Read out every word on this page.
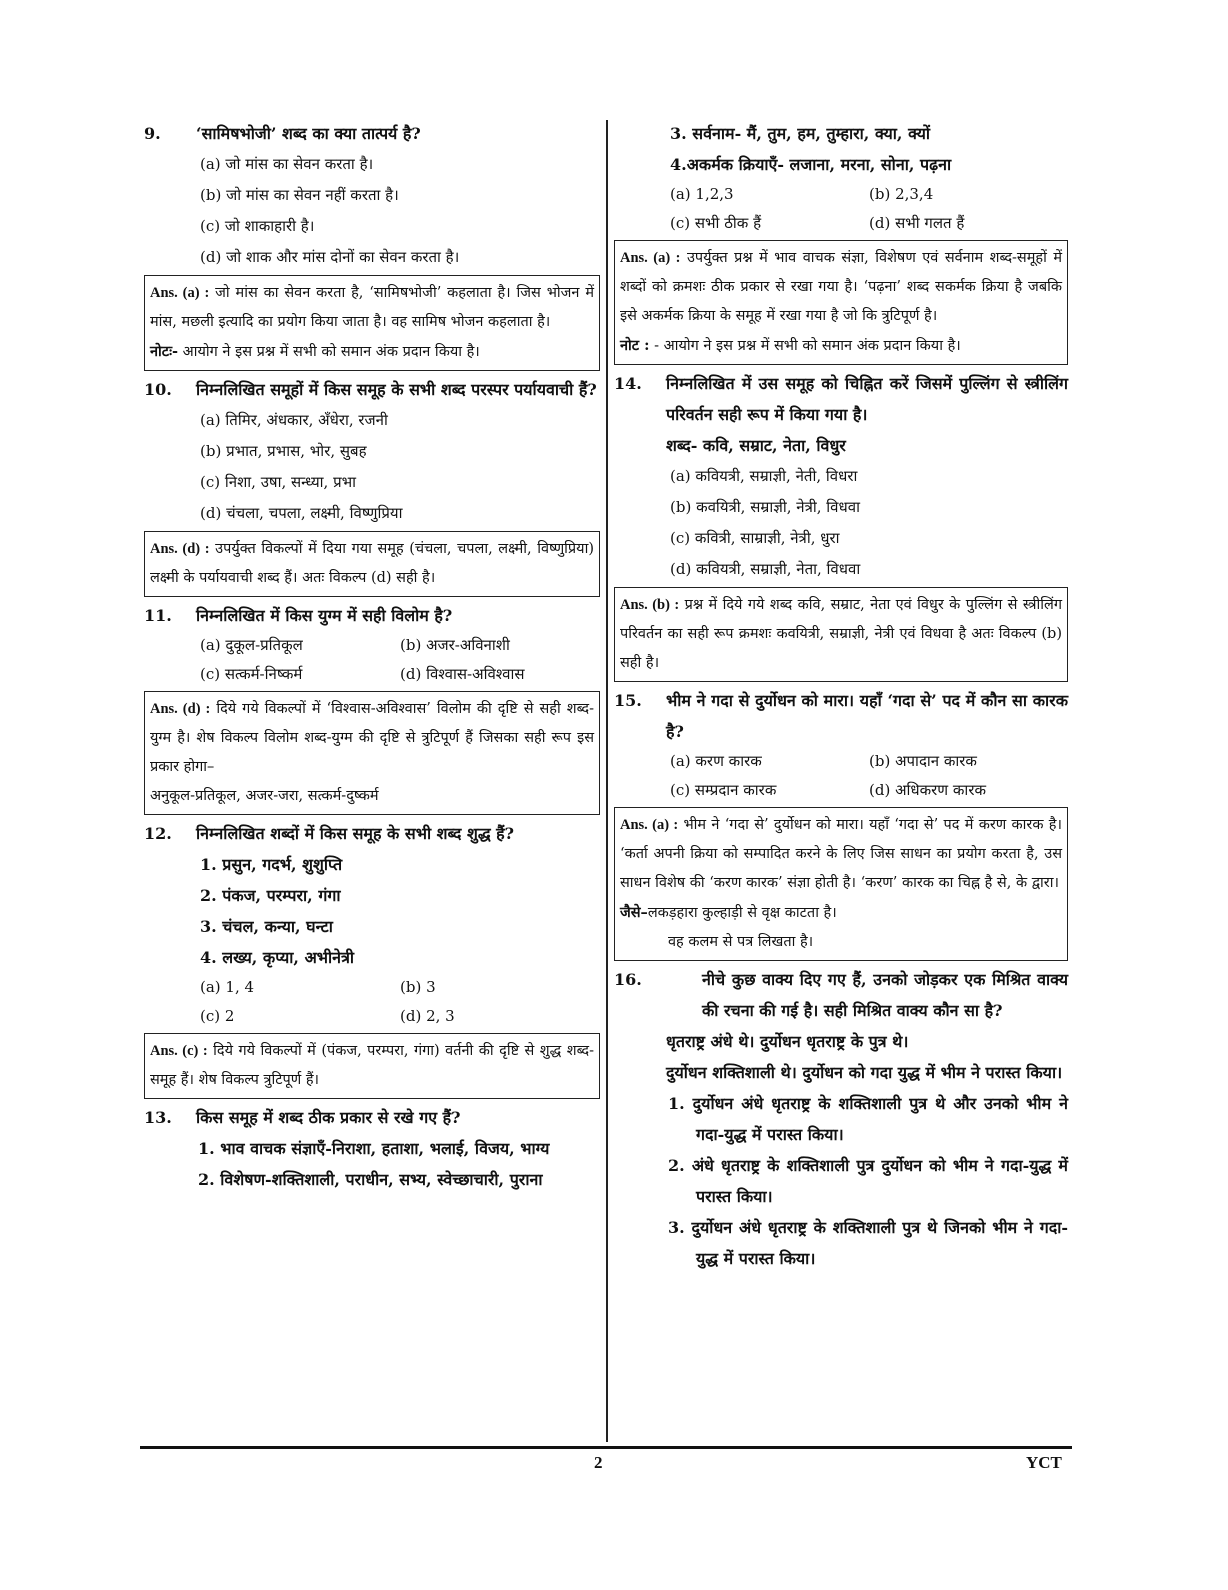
9.	‘सामिषभोजी’ शब्द का क्या तात्पर्य है?
(a) जो मांस का सेवन करता है।
(b) जो मांस का सेवन नहीं करता है।
(c) जो शाकाहारी है।
(d) जो शाक और मांस दोनों का सेवन करता है।
Ans. (a) : जो मांस का सेवन करता है, ‘सामिषभोजी’ कहलाता है। जिस भोजन में मांस, मछली इत्यादि का प्रयोग किया जाता है। वह सामिष भोजन कहलाता है।
नोटः- आयोग ने इस प्रश्न में सभी को समान अंक प्रदान किया है।
10.	निम्नलिखित समूहों में किस समूह के सभी शब्द परस्पर पर्यायवाची हैं?
(a) तिमिर, अंधकार, अँधेरा, रजनी
(b) प्रभात, प्रभास, भोर, सुबह
(c) निशा, उषा, सन्ध्या, प्रभा
(d) चंचला, चपला, लक्ष्मी, विष्णुप्रिया
Ans. (d) : उपर्युक्त विकल्पों में दिया गया समूह (चंचला, चपला, लक्ष्मी, विष्णुप्रिया) लक्ष्मी के पर्यायवाची शब्द हैं। अतः विकल्प (d) सही है।
11.	निम्नलिखित में किस युग्म में सही विलोम है?
(a) दुकूल-प्रतिकूल	(b) अजर-अविनाशी
(c) सत्कर्म-निष्कर्म	(d) विश्वास-अविश्वास
Ans. (d) : दिये गये विकल्पों में ‘विश्वास-अविश्वास’ विलोम की दृष्टि से सही शब्द-युग्म है। शेष विकल्प विलोम शब्द-युग्म की दृष्टि से त्रुटिपूर्ण हैं जिसका सही रूप इस प्रकार होगा–
अनुकूल-प्रतिकूल, अजर-जरा, सत्कर्म-दुष्कर्म
12.	निम्नलिखित शब्दों में किस समूह के सभी शब्द शुद्ध हैं?
1. प्रसुन, गदर्भ, शुशुप्ति
2. पंकज, परम्परा, गंगा
3. चंचल, कन्या, घन्टा
4. लख्य, कृप्या, अभीनेत्री
(a) 1, 4	(b) 3
(c) 2	(d) 2, 3
Ans. (c) : दिये गये विकल्पों में (पंकज, परम्परा, गंगा) वर्तनी की दृष्टि से शुद्ध शब्द-समूह हैं। शेष विकल्प त्रुटिपूर्ण हैं।
13.	किस समूह में शब्द ठीक प्रकार से रखे गए हैं?
1. भाव वाचक संज्ञाएँ-निराशा, हताशा, भलाई, विजय, भाग्य
2. विशेषण-शक्तिशाली, पराधीन, सभ्य, स्वेच्छाचारी, पुराना
3. सर्वनाम- मैं, तुम, हम, तुम्हारा, क्या, क्यों
4.अकर्मक क्रियाएँ- लजाना, मरना, सोना, पढ़ना
(a) 1,2,3	(b) 2,3,4
(c) सभी ठीक हैं	(d) सभी गलत हैं
Ans. (a) : उपर्युक्त प्रश्न में भाव वाचक संज्ञा, विशेषण एवं सर्वनाम शब्द-समूहों में शब्दों को क्रमशः ठीक प्रकार से रखा गया है। ‘पढ़ना’ शब्द सकर्मक क्रिया है जबकि इसे अकर्मक क्रिया के समूह में रखा गया है जो कि त्रुटिपूर्ण है।
नोट : - आयोग ने इस प्रश्न में सभी को समान अंक प्रदान किया है।
14.	निम्नलिखित में उस समूह को चिह्नित करें जिसमें पुल्लिंग से स्त्रीलिंग परिवर्तन सही रूप में किया गया है।
शब्द- कवि, सम्राट, नेता, विधुर
(a) कवियत्री, सम्राज्ञी, नेती, विधरा
(b) कवयित्री, सम्राज्ञी, नेत्री, विधवा
(c) कवित्री, साम्राज्ञी, नेत्री, धुरा
(d) कवियत्री, सम्राज्ञी, नेता, विधवा
Ans. (b) : प्रश्न में दिये गये शब्द कवि, सम्राट, नेता एवं विधुर के पुल्लिंग से स्त्रीलिंग परिवर्तन का सही रूप क्रमशः कवयित्री, सम्राज्ञी, नेत्री एवं विधवा है अतः विकल्प (b) सही है।
15.	भीम ने गदा से दुर्योधन को मारा। यहाँ ‘गदा से’ पद में कौन सा कारक है?
(a) करण कारक	(b) अपादान कारक
(c) सम्प्रदान कारक	(d) अधिकरण कारक
Ans. (a) : भीम ने ‘गदा से’ दुर्योधन को मारा। यहाँ ‘गदा से’ पद में करण कारक है। ‘कर्ता अपनी क्रिया को सम्पादित करने के लिए जिस साधन का प्रयोग करता है, उस साधन विशेष की ‘करण कारक’ संज्ञा होती है। ‘करण’ कारक का चिह्न है से, के द्वारा।
जैसे–लकड़हारा कुल्हाड़ी से वृक्ष काटता है।
वह कलम से पत्र लिखता है।
16.	नीचे कुछ वाक्य दिए गए हैं, उनको जोड़कर एक मिश्रित वाक्य की रचना की गई है। सही मिश्रित वाक्य कौन सा है?
धृतराष्ट्र अंधे थे। दुर्योधन धृतराष्ट्र के पुत्र थे।
दुर्योधन शक्तिशाली थे। दुर्योधन को गदा युद्ध में भीम ने परास्त किया।
1. दुर्योधन अंधे धृतराष्ट्र के शक्तिशाली पुत्र थे और उनको भीम ने गदा-युद्ध में परास्त किया।
2. अंधे धृतराष्ट्र के शक्तिशाली पुत्र दुर्योधन को भीम ने गदा-युद्ध में परास्त किया।
3. दुर्योधन अंधे धृतराष्ट्र के शक्तिशाली पुत्र थे जिनको भीम ने गदा-युद्ध में परास्त किया।
2	YCT
